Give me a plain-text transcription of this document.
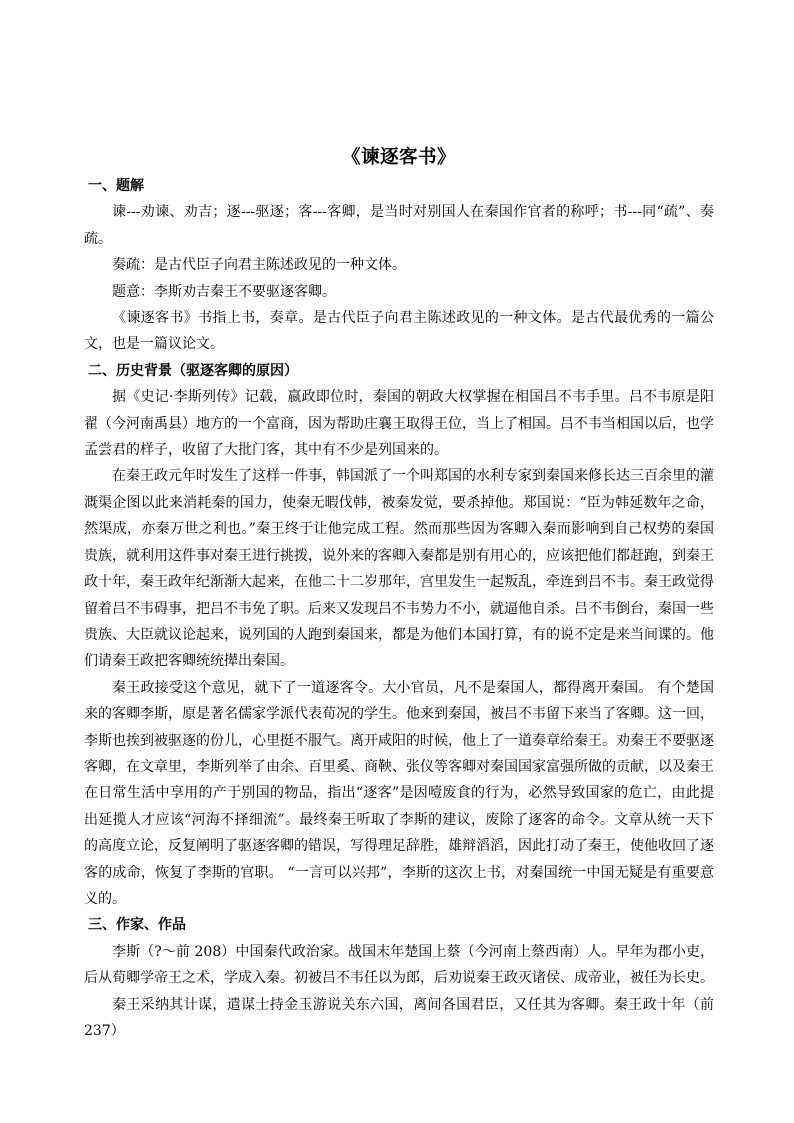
《谏逐客书》
一、题解

谏---劝谏、劝吉；逐---驱逐；客---客卿，是当时对别国人在秦国作官者的称呼；书---同“疏”、奏疏。

奏疏：是古代臣子向君主陈述政见的一种文体。

题意：李斯劝吉秦王不要驱逐客卿。

《谏逐客书》书指上书，奏章。是古代臣子向君主陈述政见的一种文体。是古代最优秀的一篇公文，也是一篇议论文。

二、历史背景（驱逐客卿的原因）

据《史记·李斯列传》记载，嬴政即位时，秦国的朝政大权掌握在相国吕不韦手里。吕不韦原是阳翟（今河南禹县）地方的一个富商，因为帮助庄襄王取得王位，当上了相国。吕不韦当相国以后，也学孟尝君的样子，收留了大批门客，其中有不少是列国来的。

在秦王政元年时发生了这样一件事，韩国派了一个叫郑国的水利专家到秦国来修长达三百余里的灌溉渠企图以此来消耗秦的国力，使秦无暇伐韩，被秦发觉，要杀掉他。郑国说：“臣为韩延数年之命，然渠成，亦秦万世之利也。”秦王终于让他完成工程。然而那些因为客卿入秦而影响到自己权势的秦国贵族，就利用这件事对秦王进行挑拨，说外来的客卿入秦都是别有用心的，应该把他们都赶跑，到秦王政十年，秦王政年纪渐渐大起来，在他二十二岁那年，宫里发生一起叛乱，牵连到吕不韦。秦王政觉得留着吕不韦碍事，把吕不韦免了职。后来又发现吕不韦势力不小，就逼他自杀。吕不韦倒台，秦国一些贵族、大臣就议论起来，说列国的人跑到秦国来，都是为他们本国打算，有的说不定是来当间谍的。他们请秦王政把客卿统统撵出秦国。

秦王政接受这个意见，就下了一道逐客令。大小官员，凡不是秦国人，都得离开秦国。 有个楚国来的客卿李斯，原是著名儒家学派代表荀况的学生。他来到秦国，被吕不韦留下来当了客卿。这一回，李斯也挨到被驱逐的份儿，心里挺不服气。离开咸阳的时候，他上了一道奏章给秦王。劝秦王不要驱逐客卿，在文章里，李斯列举了由余、百里奚、商鞅、张仪等客卿对秦国国家富强所做的贡献，以及秦王在日常生活中享用的产于别国的物品，指出“逐客”是因噎废食的行为，必然导致国家的危亡，由此提出延揽人才应该“河海不择细流”。最终秦王听取了李斯的建议，废除了逐客的命令。文章从统一天下的高度立论，反复阐明了驱逐客卿的错误，写得理足辞胜，雄辩滔滔，因此打动了秦王，使他收回了逐客的成命，恢复了李斯的官职。 “一言可以兴邦”，李斯的这次上书，对秦国统一中国无疑是有重要意义的。

三、作家、作品

李斯（?～前 208）中国秦代政治家。战国末年楚国上蔡（今河南上蔡西南）人。早年为郡小吏，后从荀卿学帝王之术，学成入秦。初被吕不韦任以为郎，后劝说秦王政灭诸侯、成帝业，被任为长史。

秦王采纳其计谋，遣谋士持金玉游说关东六国，离间各国君臣，又任其为客卿。秦王政十年（前 237）
